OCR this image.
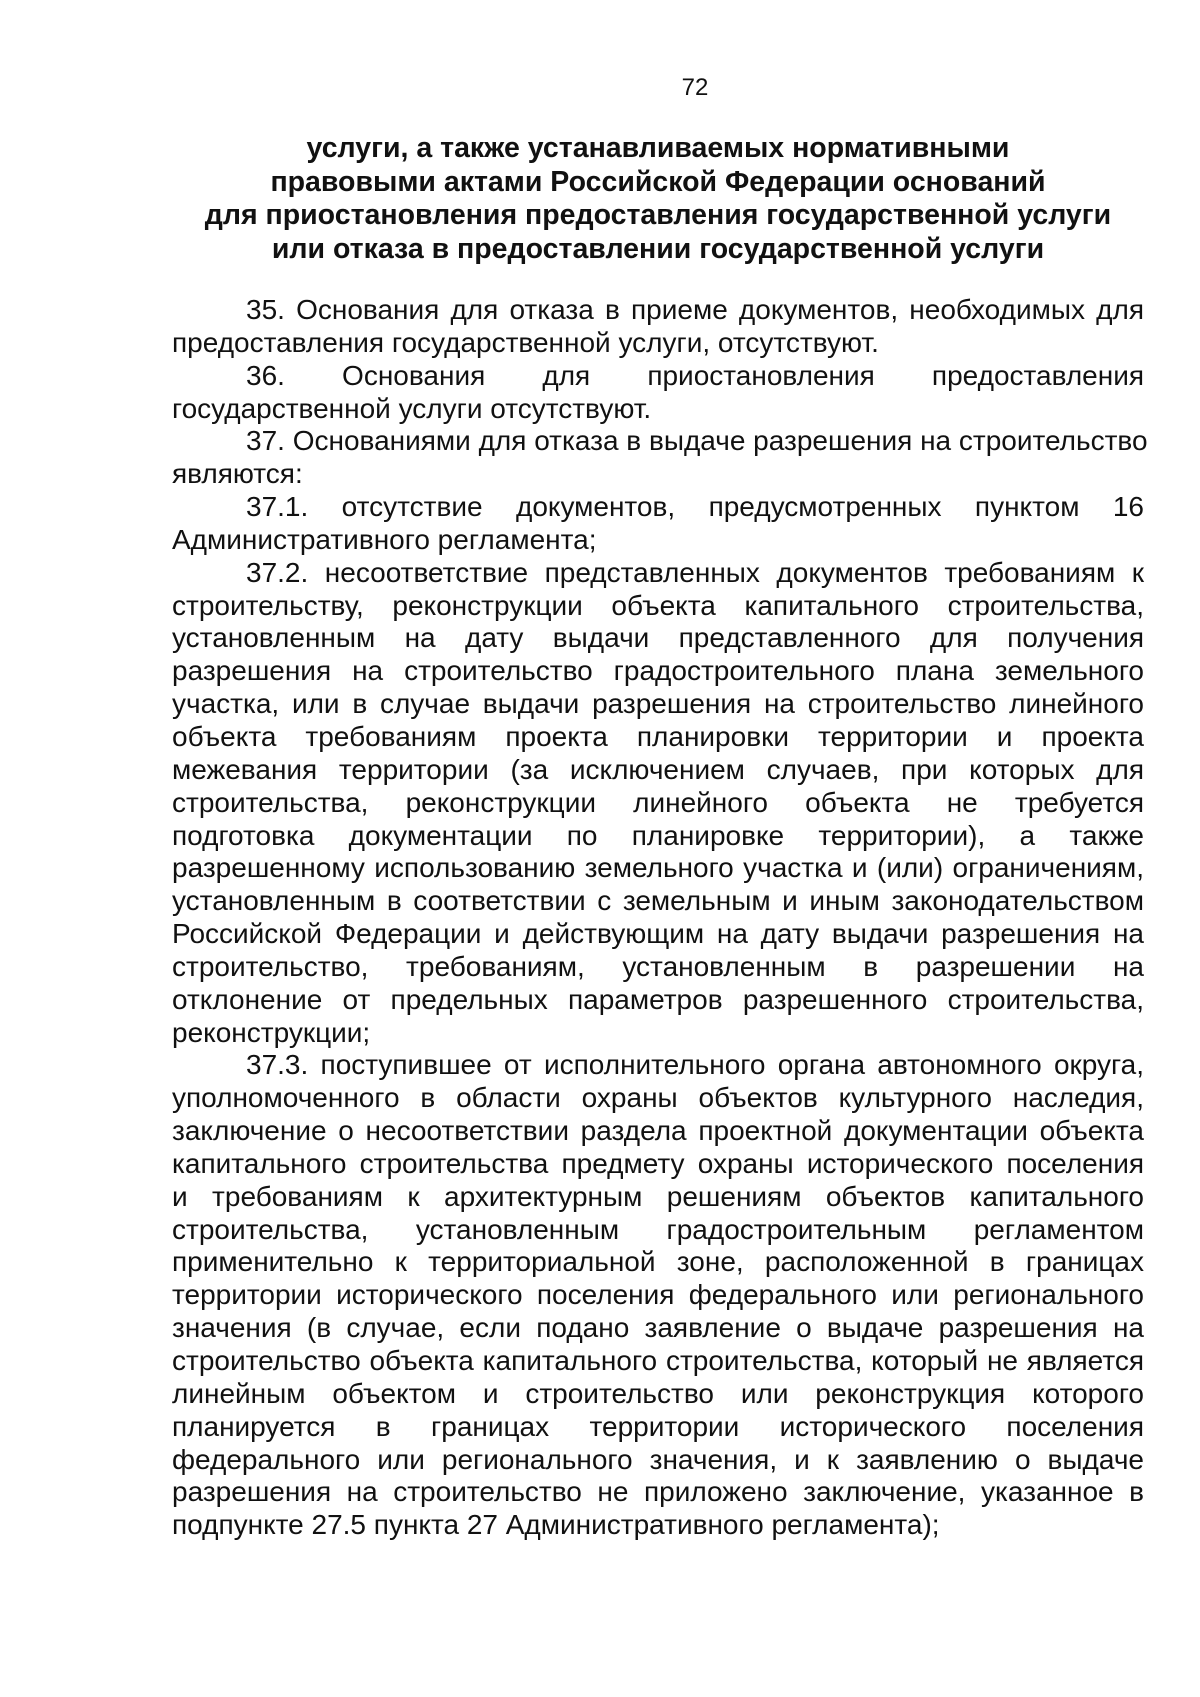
72
услуги, а также устанавливаемых нормативными
правовыми актами Российской Федерации оснований
для приостановления предоставления государственной услуги
или отказа в предоставлении государственной услуги
35. Основания для отказа в приеме документов, необходимых для
предоставления государственной услуги, отсутствуют.
36. Основания для приостановления предоставления
государственной услуги отсутствуют.
37. Основаниями для отказа в выдаче разрешения на строительство
являются:
37.1. отсутствие документов, предусмотренных пунктом 16
Административного регламента;
37.2. несоответствие представленных документов требованиям к
строительству, реконструкции объекта капитального строительства,
установленным на дату выдачи представленного для получения
разрешения на строительство градостроительного плана земельного
участка, или в случае выдачи разрешения на строительство линейного
объекта требованиям проекта планировки территории и проекта
межевания территории (за исключением случаев, при которых для
строительства, реконструкции линейного объекта не требуется
подготовка документации по планировке территории), а также
разрешенному использованию земельного участка и (или) ограничениям,
установленным в соответствии с земельным и иным законодательством
Российской Федерации и действующим на дату выдачи разрешения на
строительство, требованиям, установленным в разрешении на
отклонение от предельных параметров разрешенного строительства,
реконструкции;
37.3. поступившее от исполнительного органа автономного округа,
уполномоченного в области охраны объектов культурного наследия,
заключение о несоответствии раздела проектной документации объекта
капитального строительства предмету охраны исторического поселения
и требованиям к архитектурным решениям объектов капитального
строительства, установленным градостроительным регламентом
применительно к территориальной зоне, расположенной в границах
территории исторического поселения федерального или регионального
значения (в случае, если подано заявление о выдаче разрешения на
строительство объекта капитального строительства, который не является
линейным объектом и строительство или реконструкция которого
планируется в границах территории исторического поселения
федерального или регионального значения, и к заявлению о выдаче
разрешения на строительство не приложено заключение, указанное в
подпункте 27.5 пункта 27 Административного регламента);
